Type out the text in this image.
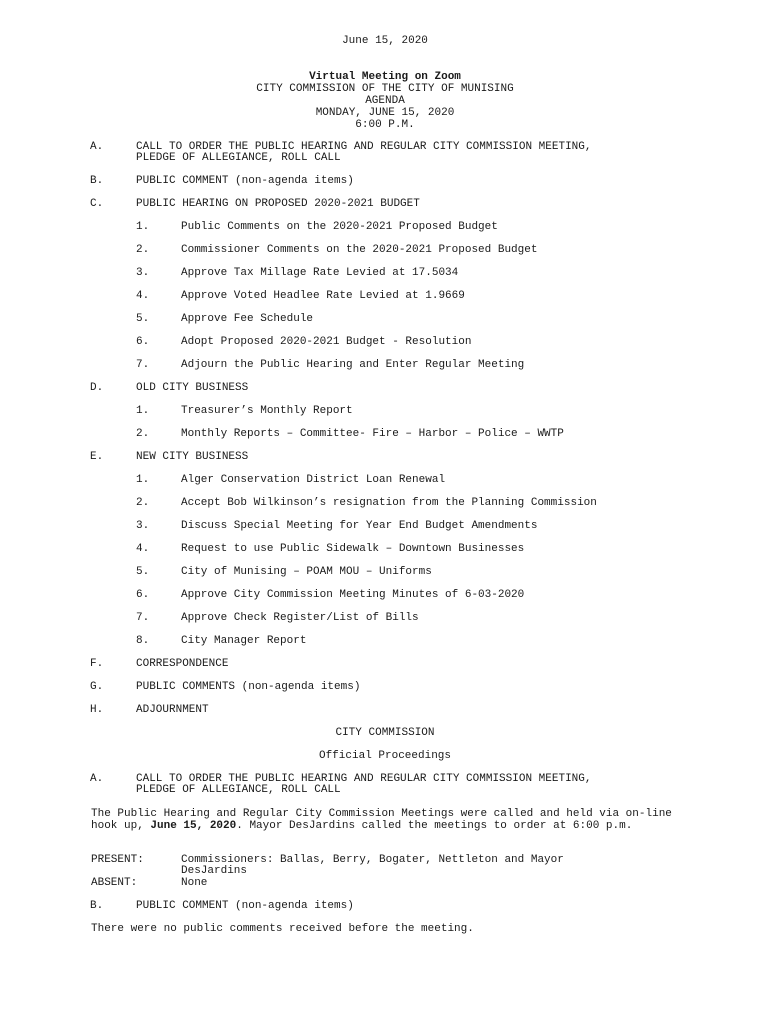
June 15, 2020
Virtual Meeting on Zoom
CITY COMMISSION OF THE CITY OF MUNISING
AGENDA
MONDAY, JUNE 15, 2020
6:00 P.M.
A.	CALL TO ORDER THE PUBLIC HEARING AND REGULAR CITY COMMISSION MEETING,
PLEDGE OF ALLEGIANCE, ROLL CALL
B.	PUBLIC COMMENT (non-agenda items)
C.	PUBLIC HEARING ON PROPOSED 2020-2021 BUDGET
1.	Public Comments on the 2020-2021 Proposed Budget
2.	Commissioner Comments on the 2020-2021 Proposed Budget
3.	Approve Tax Millage Rate Levied at 17.5034
4.	Approve Voted Headlee Rate Levied at 1.9669
5.	Approve Fee Schedule
6.	Adopt Proposed 2020-2021 Budget - Resolution
7.	Adjourn the Public Hearing and Enter Regular Meeting
D.	OLD CITY BUSINESS
1.	Treasurer’s Monthly Report
2.	Monthly Reports – Committee- Fire – Harbor – Police – WWTP
E.	NEW CITY BUSINESS
1.	Alger Conservation District Loan Renewal
2.	Accept Bob Wilkinson’s resignation from the Planning Commission
3.	Discuss Special Meeting for Year End Budget Amendments
4.	Request to use Public Sidewalk – Downtown Businesses
5.	City of Munising – POAM MOU – Uniforms
6.	Approve City Commission Meeting Minutes of 6-03-2020
7.	Approve Check Register/List of Bills
8.	City Manager Report
F.	CORRESPONDENCE
G.	PUBLIC COMMENTS (non-agenda items)
H.	ADJOURNMENT
CITY COMMISSION
Official Proceedings
A.	CALL TO ORDER THE PUBLIC HEARING AND REGULAR CITY COMMISSION MEETING,
PLEDGE OF ALLEGIANCE, ROLL CALL
The Public Hearing and Regular City Commission Meetings were called and held via on-line hook up, June 15, 2020. Mayor DesJardins called the meetings to order at 6:00 p.m.
PRESENT:	Commissioners: Ballas, Berry, Bogater, Nettleton and Mayor
DesJardins
ABSENT:	None
B.	PUBLIC COMMENT (non-agenda items)
There were no public comments received before the meeting.
